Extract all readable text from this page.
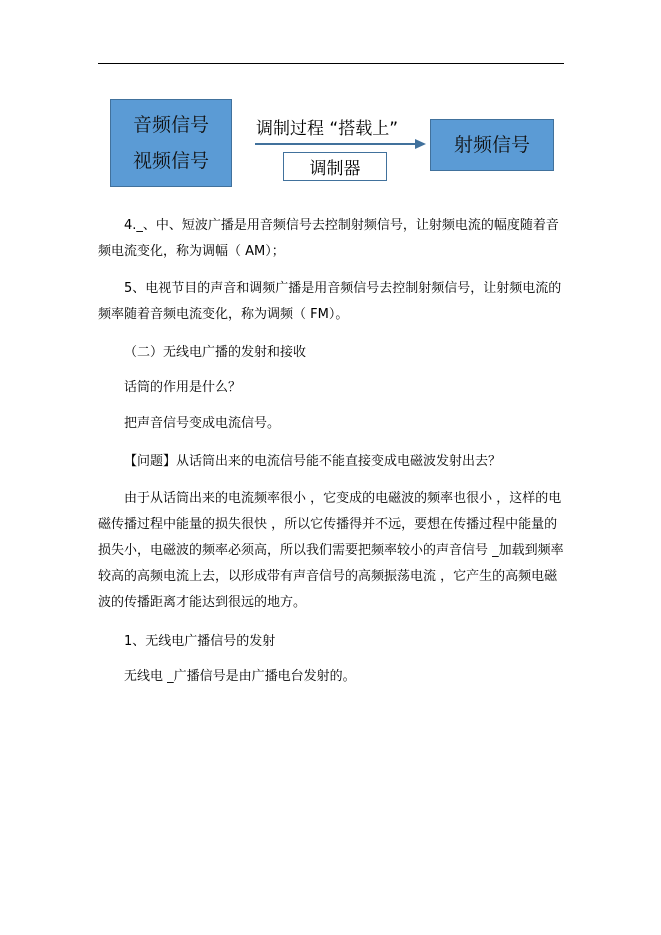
音频信号
视频信号
调制过程 “搭载上”
调制器
射频信号

4._、中、短波广播是用音频信号去控制射频信号，让射频电流的幅度随着音频电流变化，称为调幅（ AM）；

5、电视节目的声音和调频广播是用音频信号去控制射频信号，让射频电流的频率随着音频电流变化，称为调频（ FM）。

（二）无线电广播的发射和接收
话筒的作用是什么？
把声音信号变成电流信号。
【问题】从话筒出来的电流信号能不能直接变成电磁波发射出去？

由于从话筒出来的电流频率很小 ，它变成的电磁波的频率也很小 ，这样的电磁传播过程中能量的损失很快 ，所以它传播得并不远，要想在传播过程中能量的损失小，电磁波的频率必须高，所以我们需要把频率较小的声音信号 _加载到频率较高的高频电流上去，以形成带有声音信号的高频振荡电流 ，它产生的高频电磁波的传播距离才能达到很远的地方。

1、无线电广播信号的发射
无线电 _广播信号是由广播电台发射的。
